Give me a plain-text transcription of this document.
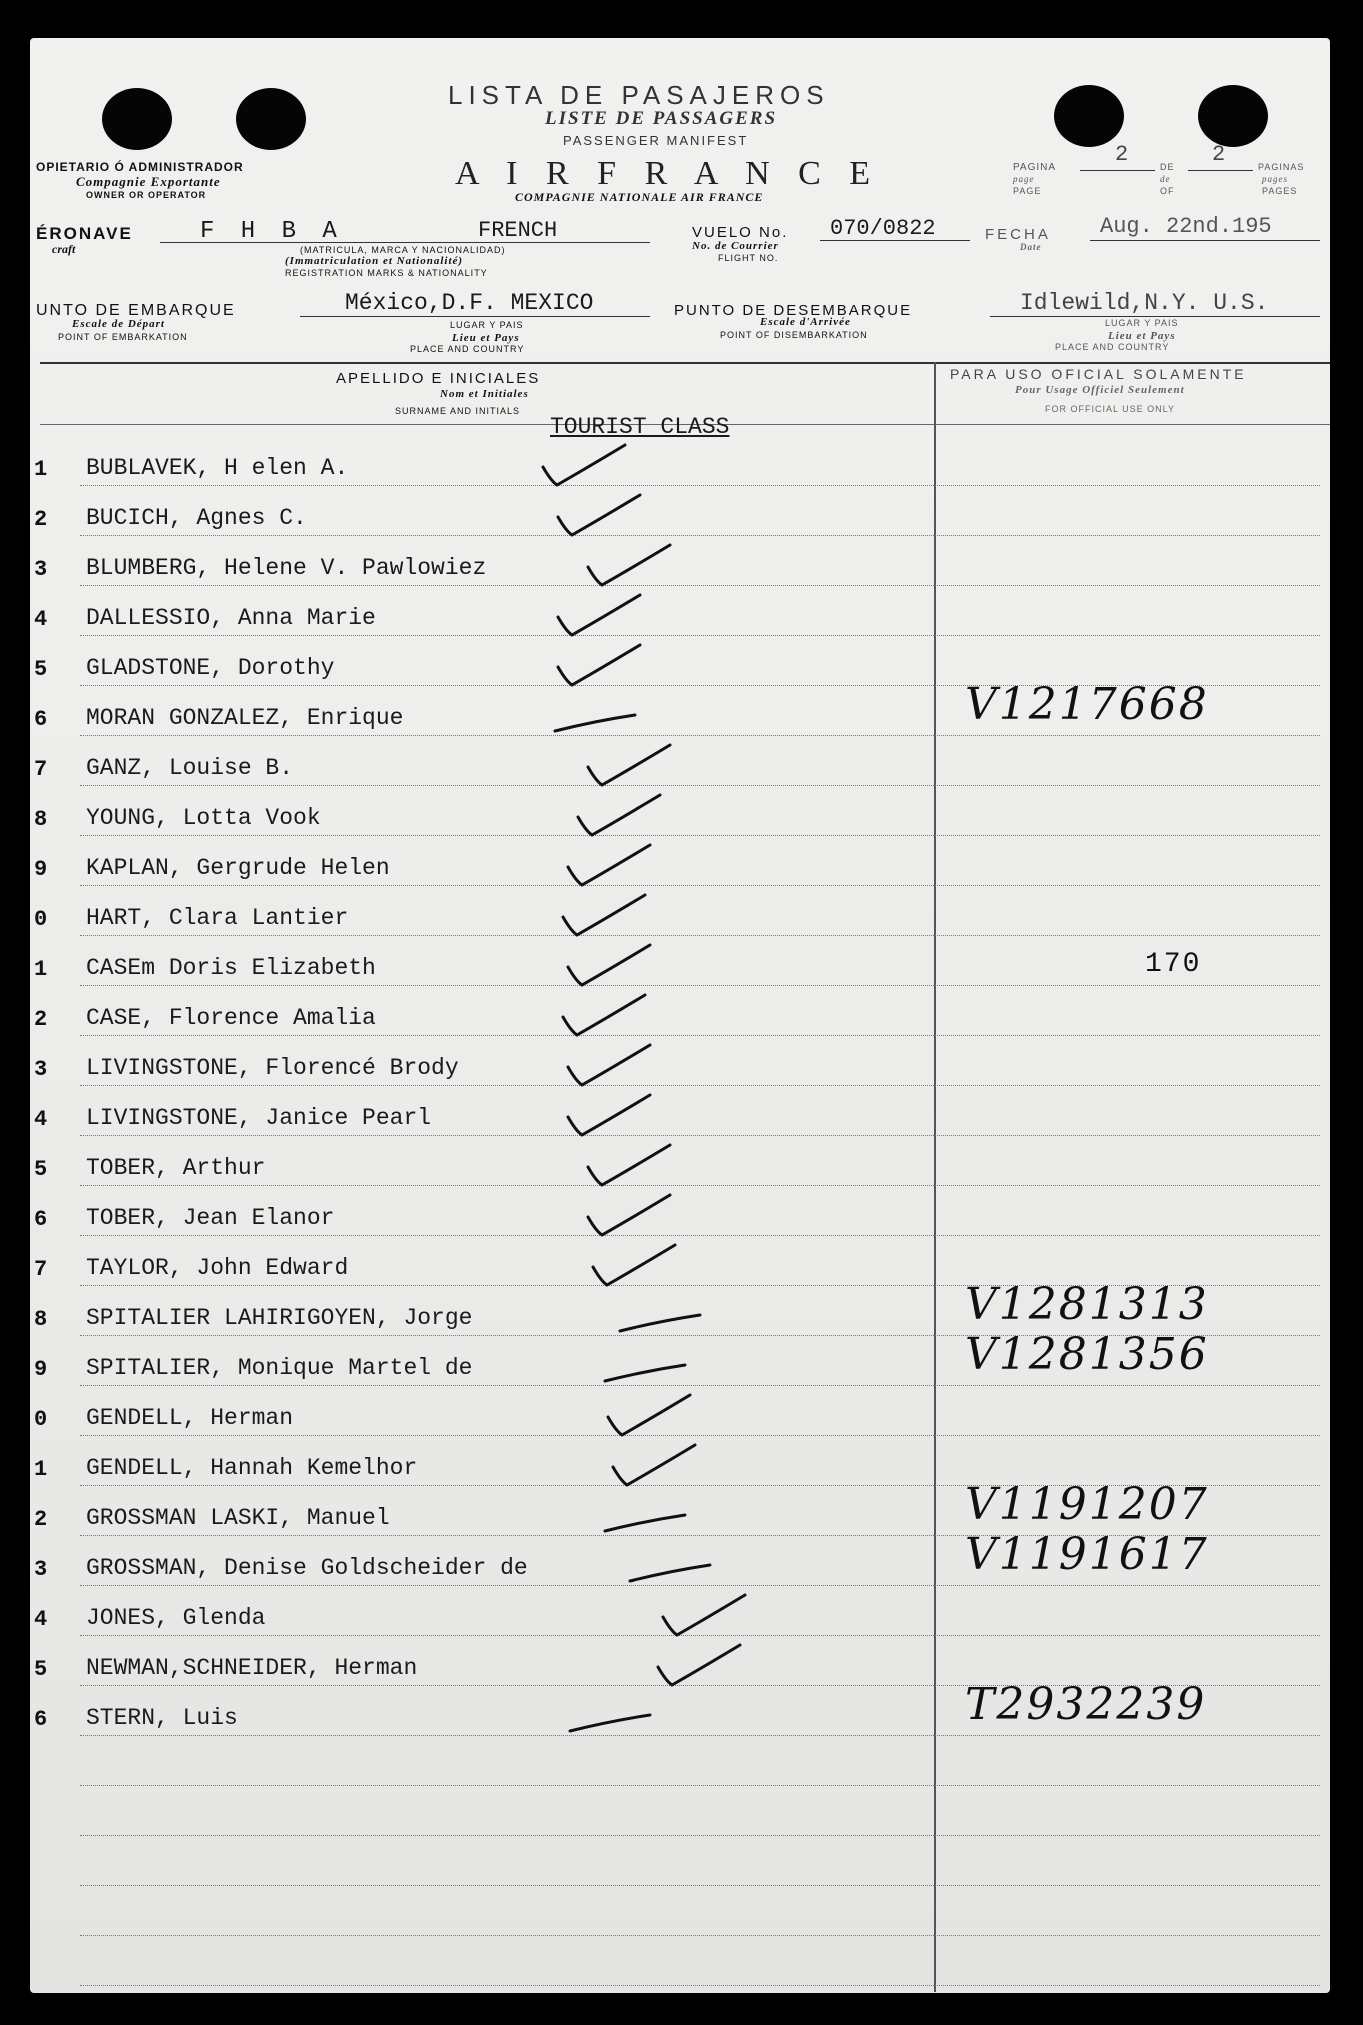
LISTA DE PASAJEROS
LISTE DE PASSAGERS
PASSENGER MANIFEST
OPIETARIO Ó ADMINISTRADOR
Compagnie Exportante
OWNER OR OPERATOR
A I R F R A N C E
COMPAGNIE NATIONALE AIR FRANCE
PAGINA
page
PAGE
2	DE
de
OF
2	PAGINAS
pages
PAGES
ÉRONAVE
craft
F H B A	FRENCH
(MATRICULA, MARCA Y NACIONALIDAD)
(Immatriculation et Nationalité)
REGISTRATION MARKS & NATIONALITY
VUELO No.
No. de Courrier
FLIGHT NO.
070/0822	FECHA
Date
Aug. 22nd.195
UNTO DE EMBARQUE
Escale de Départ
POINT OF EMBARKATION
México,D.F. MEXICO
LUGAR Y PAIS
Lieu et Pays
PLACE AND COUNTRY
PUNTO DE DESEMBARQUE
Escale d'Arrivée
POINT OF DISEMBARKATION
Idlewild,N.Y. U.S.
LUGAR Y PAIS
Lieu et Pays
PLACE AND COUNTRY
APELLIDO E INICIALES
Nom et Initiales
SURNAME AND INITIALS
PARA USO OFICIAL SOLAMENTE
Pour Usage Officiel Seulement
FOR OFFICIAL USE ONLY
TOURIST CLASS
1 BUBLAVEK, H elen A.
2 BUCICH, Agnes C.
3 BLUMBERG, Helene V. Pawlowiez
4 DALLESSIO, Anna Marie
5 GLADSTONE, Dorothy
6 MORAN GONZALEZ, Enrique	V1217668
7 GANZ, Louise B.
8 YOUNG, Lotta Vook
9 KAPLAN, Gergrude Helen
0 HART, Clara Lantier
1 CASEm Doris Elizabeth	170
2 CASE, Florence Amalia
3 LIVINGSTONE, Florencé Brody
4 LIVINGSTONE, Janice Pearl
5 TOBER, Arthur
6 TOBER, Jean Elanor
7 TAYLOR, John Edward
8 SPITALIER LAHIRIGOYEN, Jorge	V1281313
9 SPITALIER, Monique Martel de	V1281356
0 GENDELL, Herman
1 GENDELL, Hannah Kemelhor
2 GROSSMAN LASKI, Manuel	V1191207
3 GROSSMAN, Denise Goldscheider de	V1191617
4 JONES, Glenda
5 NEWMAN,SCHNEIDER, Herman
6 STERN, Luis	T2932239
